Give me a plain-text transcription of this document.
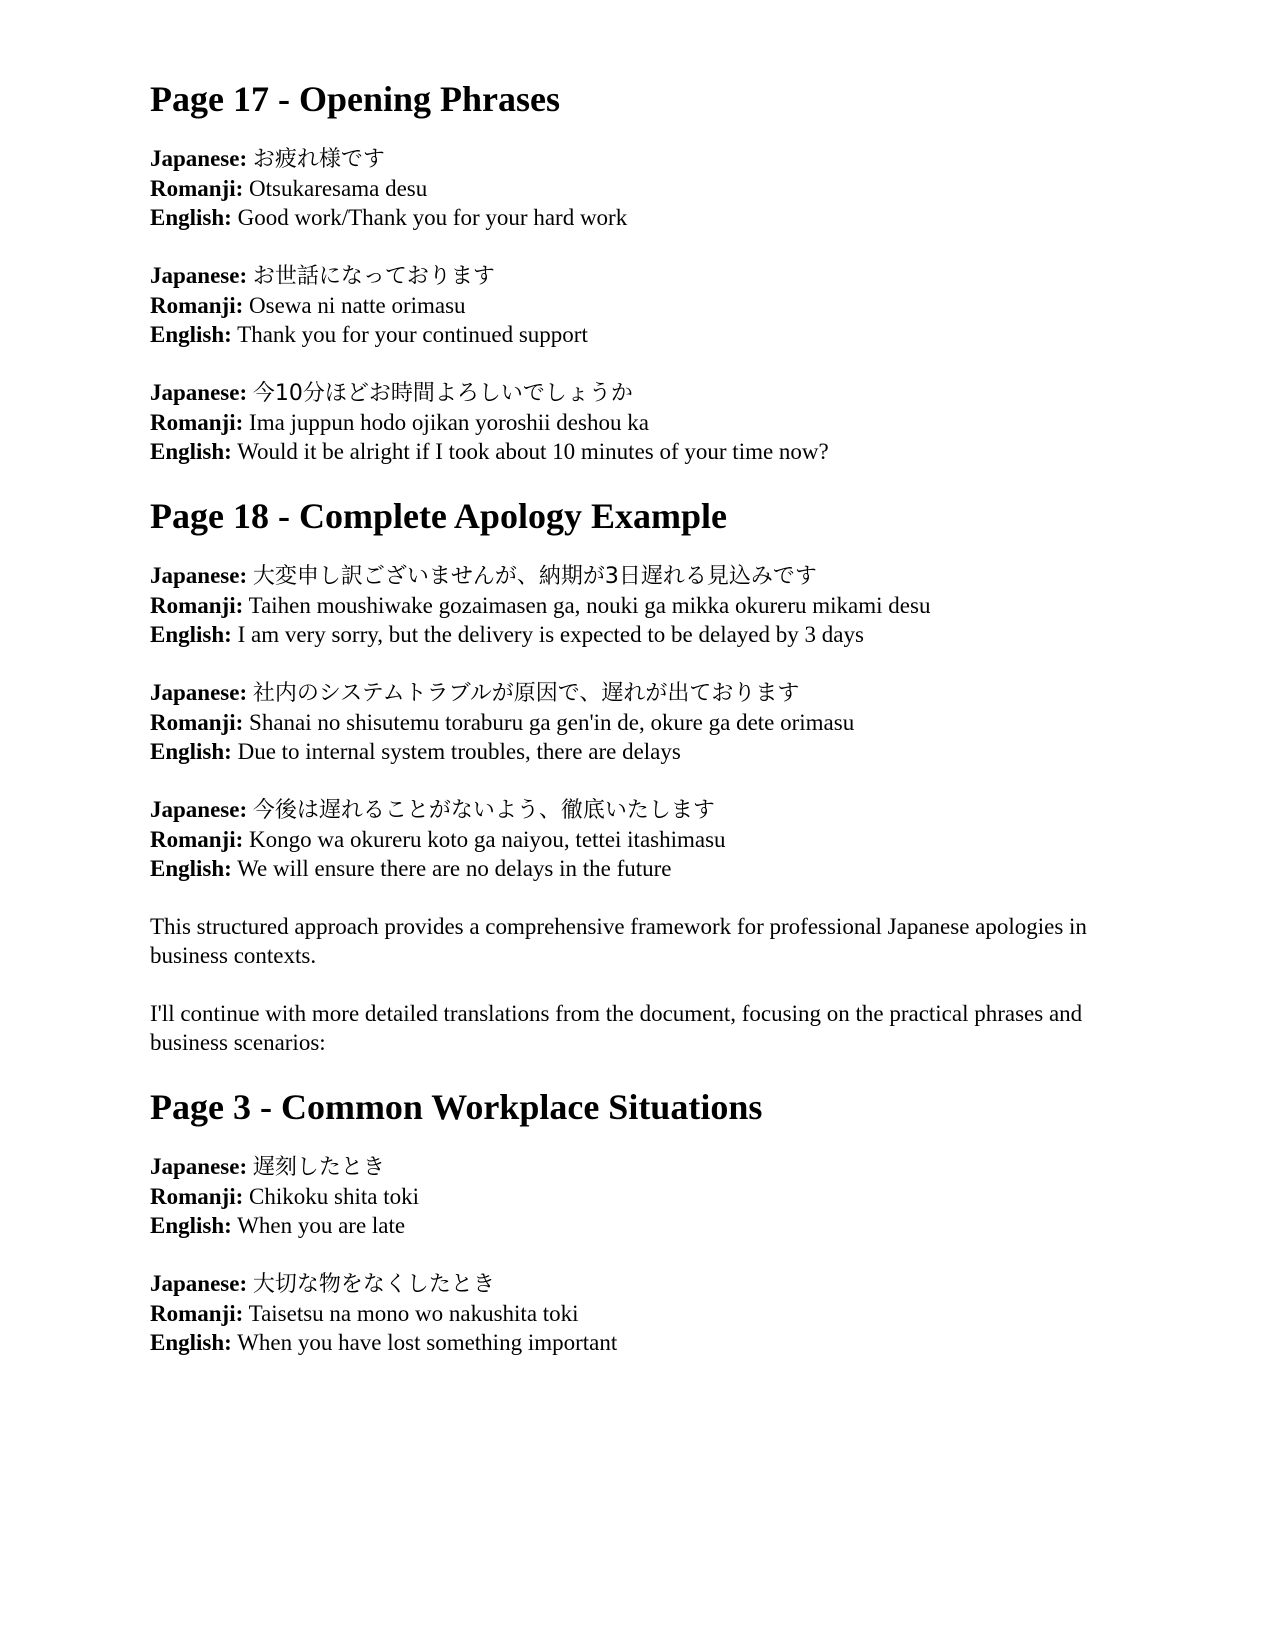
Page 17 - Opening Phrases
Japanese: お疲れ様です
Romanji: Otsukaresama desu
English: Good work/Thank you for your hard work
Japanese: お世話になっております
Romanji: Osewa ni natte orimasu
English: Thank you for your continued support
Japanese: 今10分ほどお時間よろしいでしょうか
Romanji: Ima juppun hodo ojikan yoroshii deshou ka
English: Would it be alright if I took about 10 minutes of your time now?
Page 18 - Complete Apology Example
Japanese: 大変申し訳ございませんが、納期が3日遅れる見込みです
Romanji: Taihen moushiwake gozaimasen ga, nouki ga mikka okureru mikami desu
English: I am very sorry, but the delivery is expected to be delayed by 3 days
Japanese: 社内のシステムトラブルが原因で、遅れが出ております
Romanji: Shanai no shisutemu toraburu ga gen'in de, okure ga dete orimasu
English: Due to internal system troubles, there are delays
Japanese: 今後は遅れることがないよう、徹底いたします
Romanji: Kongo wa okureru koto ga naiyou, tettei itashimasu
English: We will ensure there are no delays in the future

This structured approach provides a comprehensive framework for professional Japanese apologies in business contexts.

I'll continue with more detailed translations from the document, focusing on the practical phrases and business scenarios:

Page 3 - Common Workplace Situations
Japanese: 遅刻したとき
Romanji: Chikoku shita toki
English: When you are late
Japanese: 大切な物をなくしたとき
Romanji: Taisetsu na mono wo nakushita toki
English: When you have lost something important
